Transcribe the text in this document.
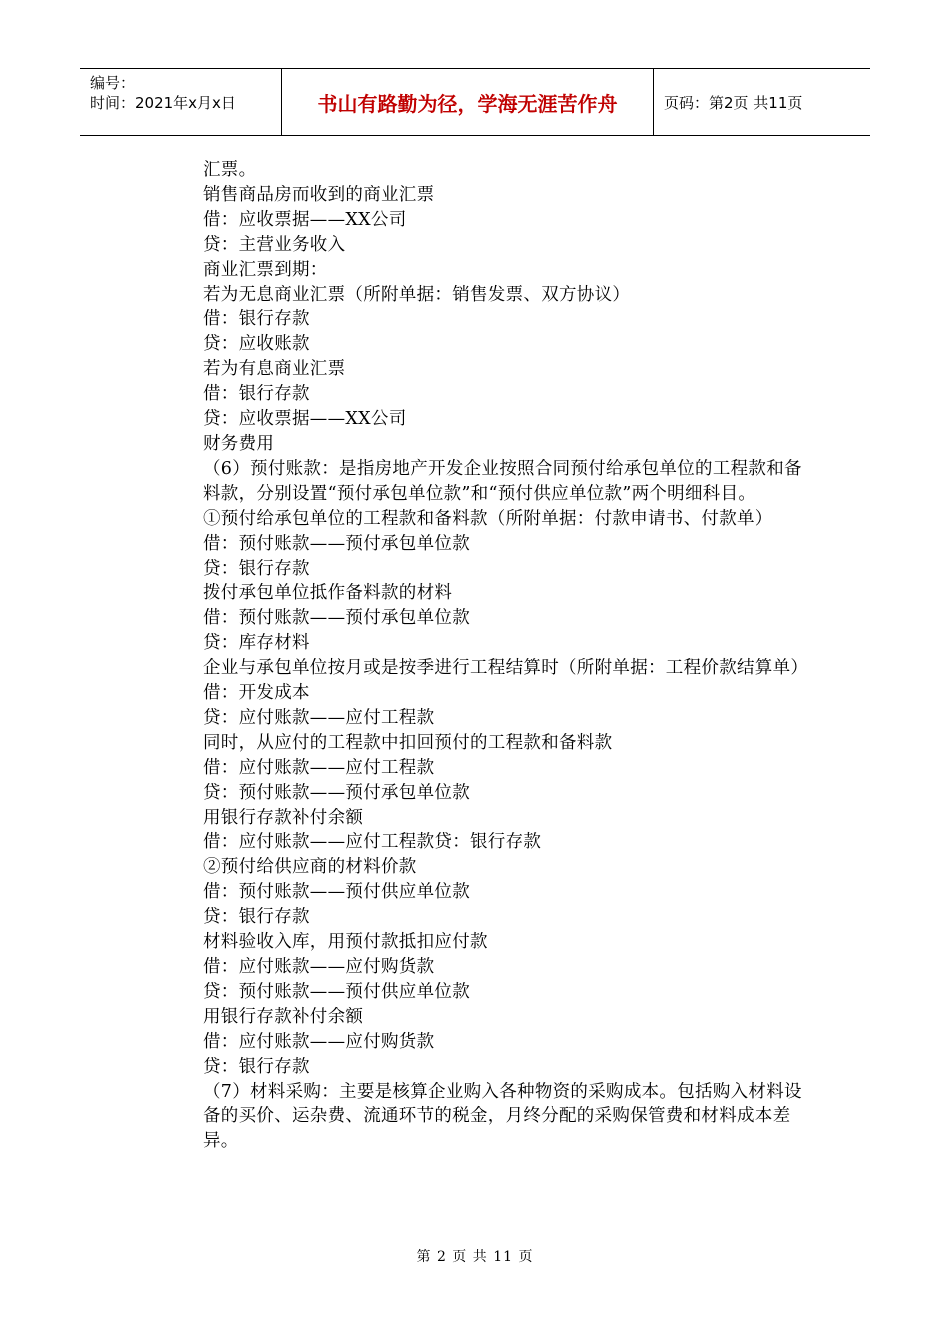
编号：
时间：2021年x月x日	书山有路勤为径，学海无涯苦作舟	页码：第2页 共11页

汇票。

销售商品房而收到的商业汇票

借：应收票据——XX公司

贷：主营业务收入

商业汇票到期：

若为无息商业汇票（所附单据：销售发票、双方协议）

借：银行存款

贷：应收账款

若为有息商业汇票

借：银行存款

贷：应收票据——XX公司

财务费用

（6）预付账款：是指房地产开发企业按照合同预付给承包单位的工程款和备料款，分别设置“预付承包单位款”和“预付供应单位款”两个明细科目。

①预付给承包单位的工程款和备料款（所附单据：付款申请书、付款单）

借：预付账款——预付承包单位款

贷：银行存款

拨付承包单位抵作备料款的材料

借：预付账款——预付承包单位款

贷：库存材料

企业与承包单位按月或是按季进行工程结算时（所附单据：工程价款结算单）

借：开发成本

贷：应付账款——应付工程款

同时，从应付的工程款中扣回预付的工程款和备料款

借：应付账款——应付工程款

贷：预付账款——预付承包单位款

用银行存款补付余额

借：应付账款——应付工程款贷：银行存款

②预付给供应商的材料价款

借：预付账款——预付供应单位款

贷：银行存款

材料验收入库，用预付款抵扣应付款

借：应付账款——应付购货款

贷：预付账款——预付供应单位款

用银行存款补付余额

借：应付账款——应付购货款

贷：银行存款

（7）材料采购：主要是核算企业购入各种物资的采购成本。包括购入材料设备的买价、运杂费、流通环节的税金，月终分配的采购保管费和材料成本差异。

第 2 页 共 11 页
